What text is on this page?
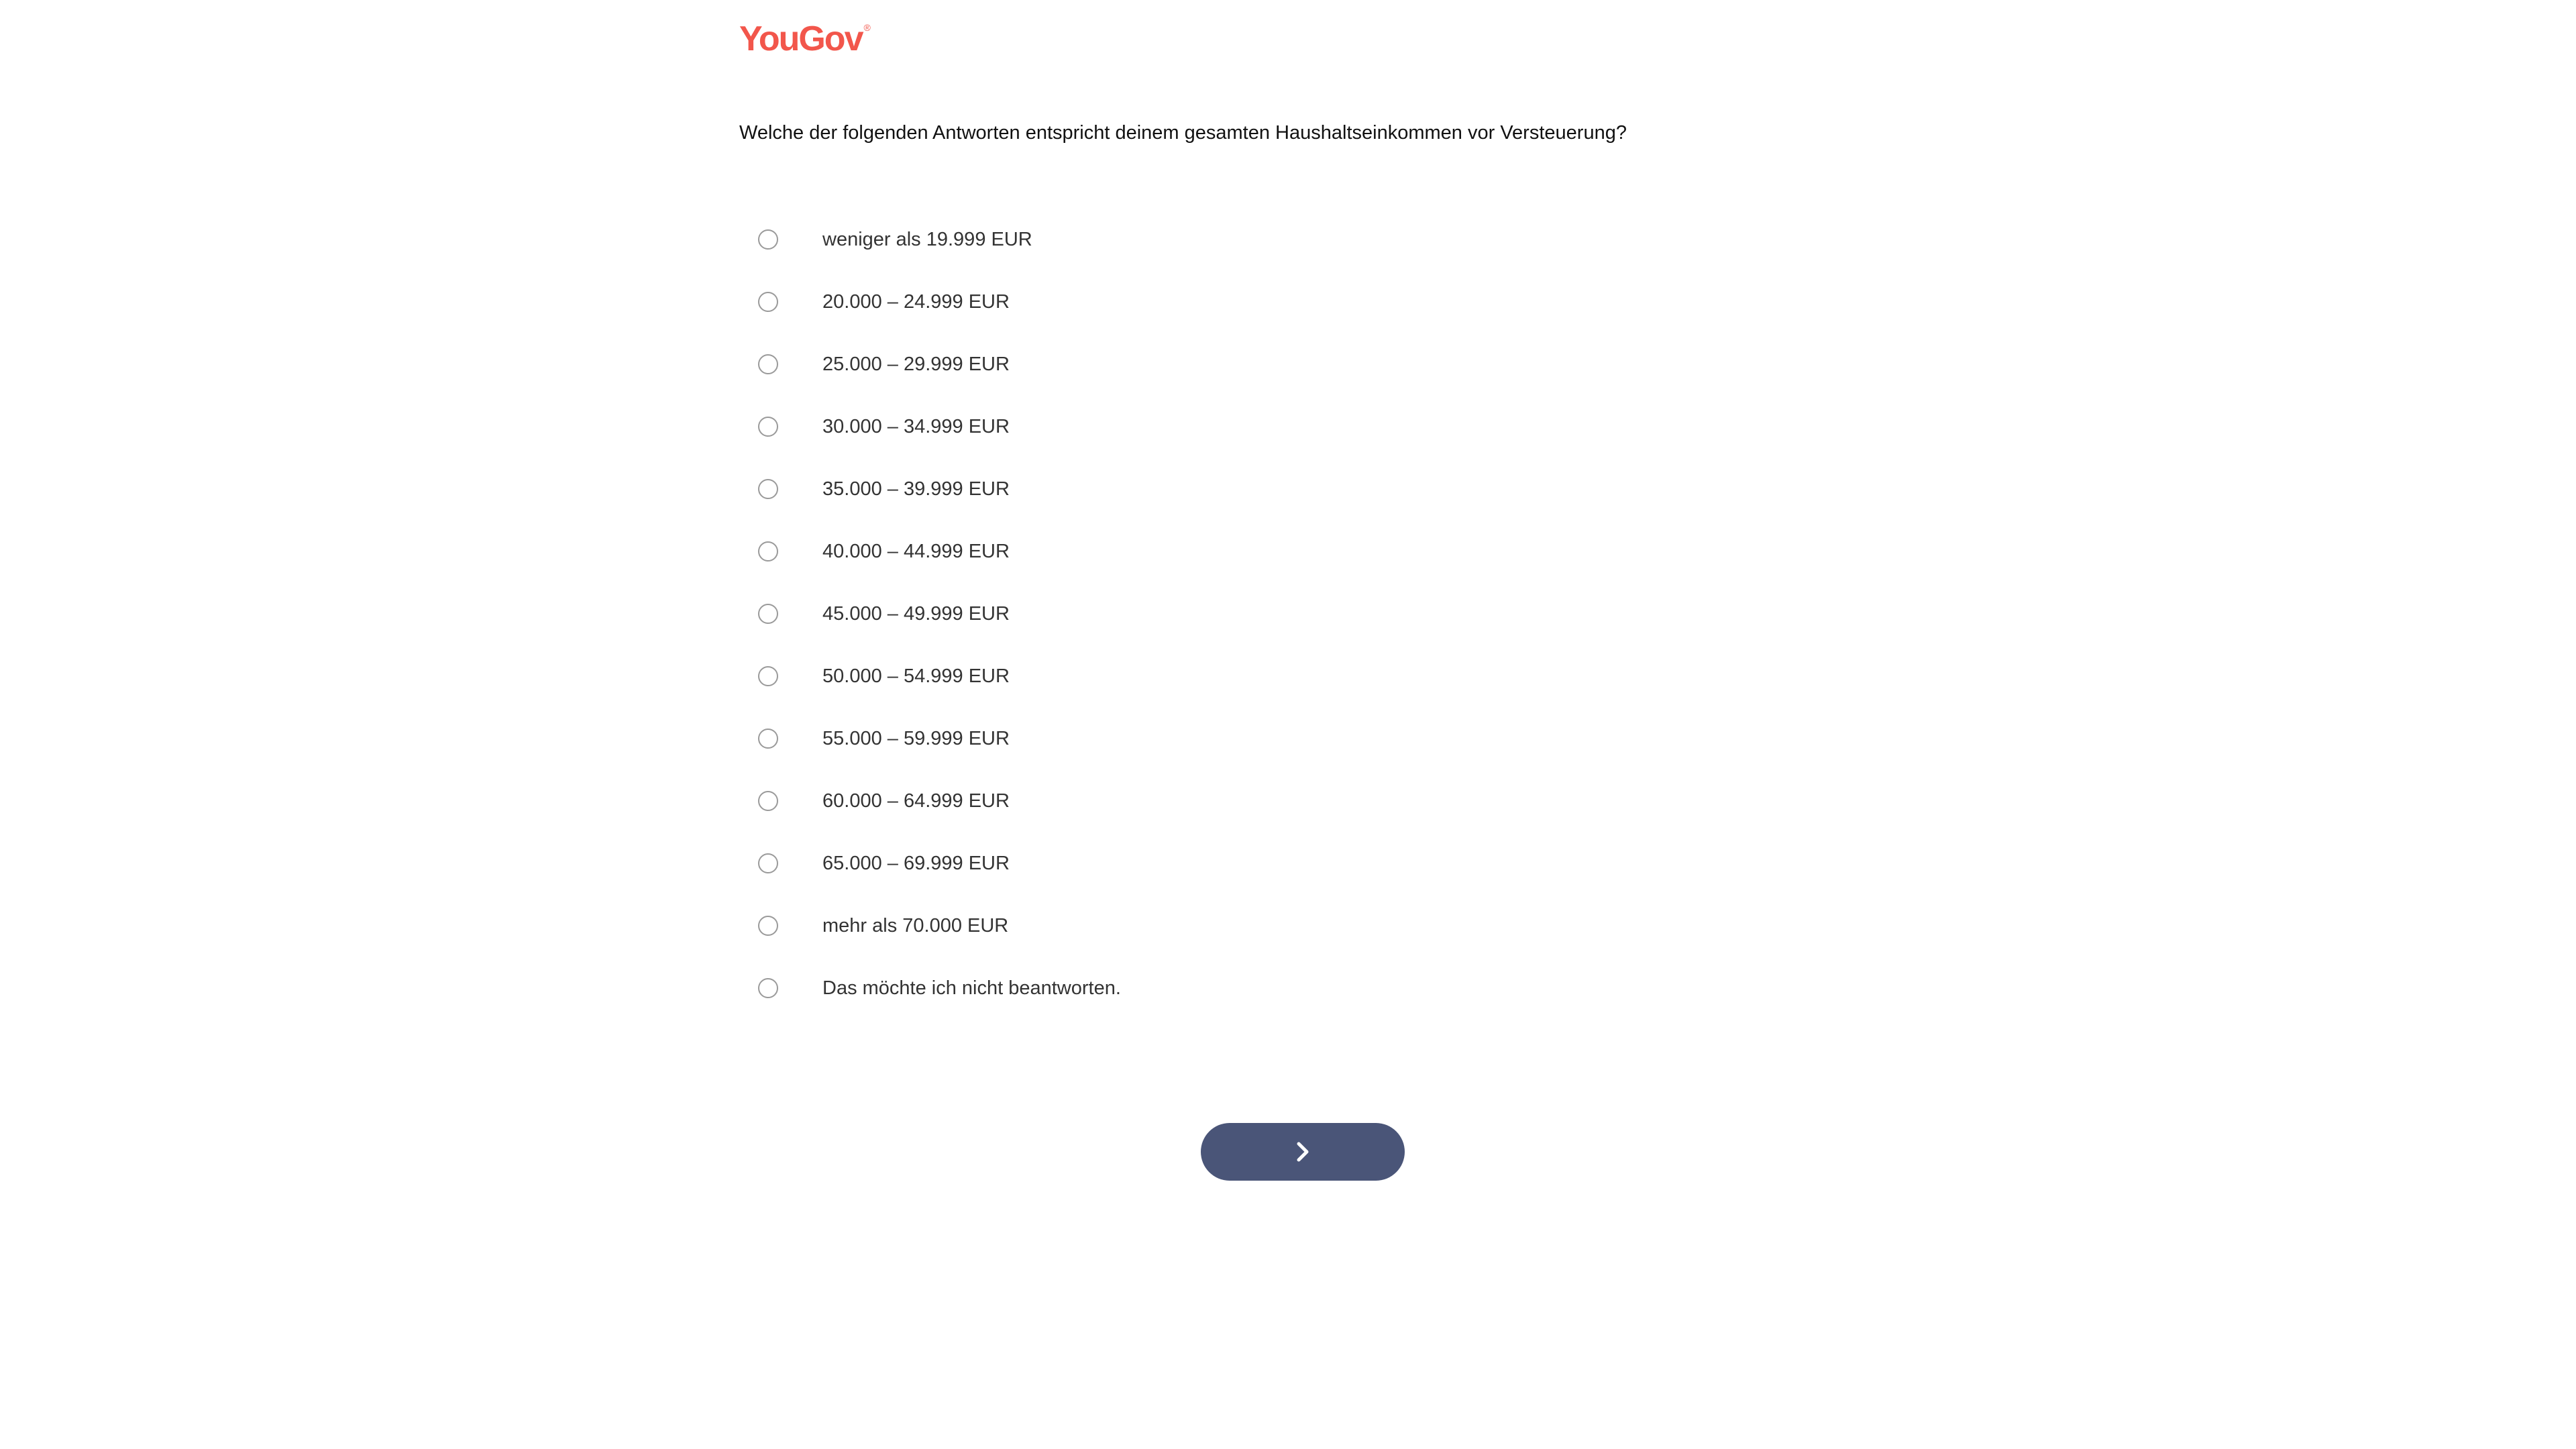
YouGov ®
Welche der folgenden Antworten entspricht deinem gesamten Haushaltseinkommen vor Versteuerung?
weniger als 19.999 EUR
20.000 – 24.999 EUR
25.000 – 29.999 EUR
30.000 – 34.999 EUR
35.000 – 39.999 EUR
40.000 – 44.999 EUR
45.000 – 49.999 EUR
50.000 – 54.999 EUR
55.000 – 59.999 EUR
60.000 – 64.999 EUR
65.000 – 69.999 EUR
mehr als 70.000 EUR
Das möchte ich nicht beantworten.
